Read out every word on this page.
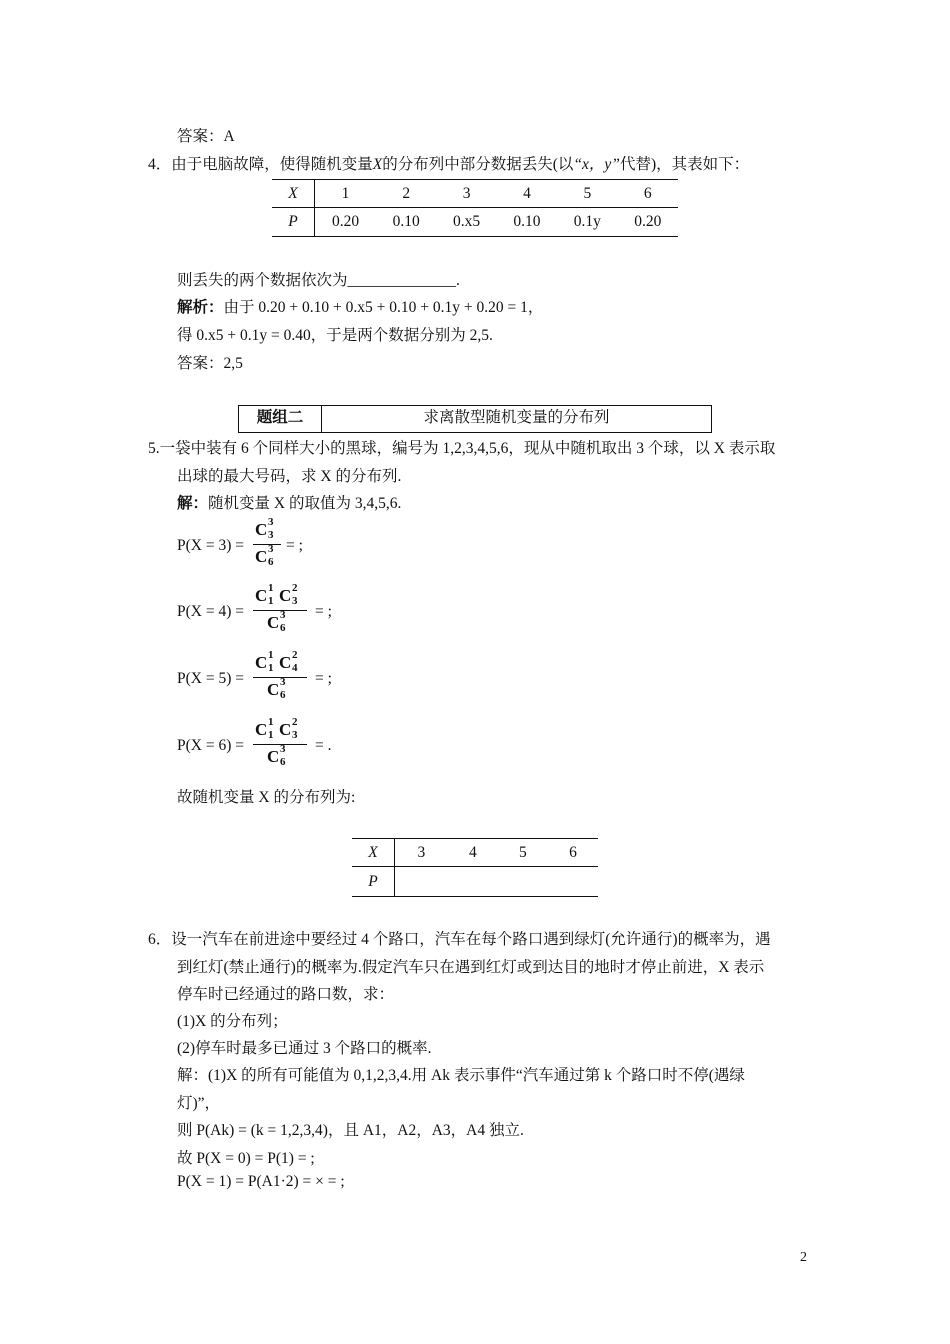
答案：A
4．由于电脑故障，使得随机变量X的分布列中部分数据丢失(以“x，y”代替)，其表如下：
X	1	2	3	4	5	6
P	0.20	0.10	0.x5	0.10	0.1y	0.20
则丢失的两个数据依次为______________.
解析：由于 0.20 + 0.10 + 0.x5 + 0.10 + 0.1y + 0.20 = 1，
得 0.x5 + 0.1y = 0.40，于是两个数据分别为 2,5.
答案：2,5
题组二	求离散型随机变量的分布列
5.一袋中装有 6 个同样大小的黑球，编号为 1,2,3,4,5,6，现从中随机取出 3 个球，以 X 表示取
出球的最大号码，求 X 的分布列.
解：随机变量 X 的取值为 3,4,5,6.
P(X = 3) =
C 3
3
C 3
6
= ;
P(X = 4) =
C 1
1 C 2
3
C 3
6
= ;
P(X = 5) =
C 1
1 C 2
4
C 3
6
= ;
P(X = 6) =
C 1
1 C 2
3
C 3
6
= .
故随机变量 X 的分布列为:
X	3	4	5	6
P				
6．设一汽车在前进途中要经过 4 个路口，汽车在每个路口遇到绿灯(允许通行)的概率为，遇
到红灯(禁止通行)的概率为.假定汽车只在遇到红灯或到达目的地时才停止前进，X 表示
停车时已经通过的路口数，求：
(1)X 的分布列；
(2)停车时最多已通过 3 个路口的概率.
解：(1)X 的所有可能值为 0,1,2,3,4.用 Ak 表示事件“汽车通过第 k 个路口时不停(遇绿
灯)”，
则 P(Ak) = (k = 1,2,3,4)，且 A1，A2，A3，A4 独立.
故 P(X = 0) = P(1) = ;
P(X = 1) = P(A1·2) = × = ;
2
